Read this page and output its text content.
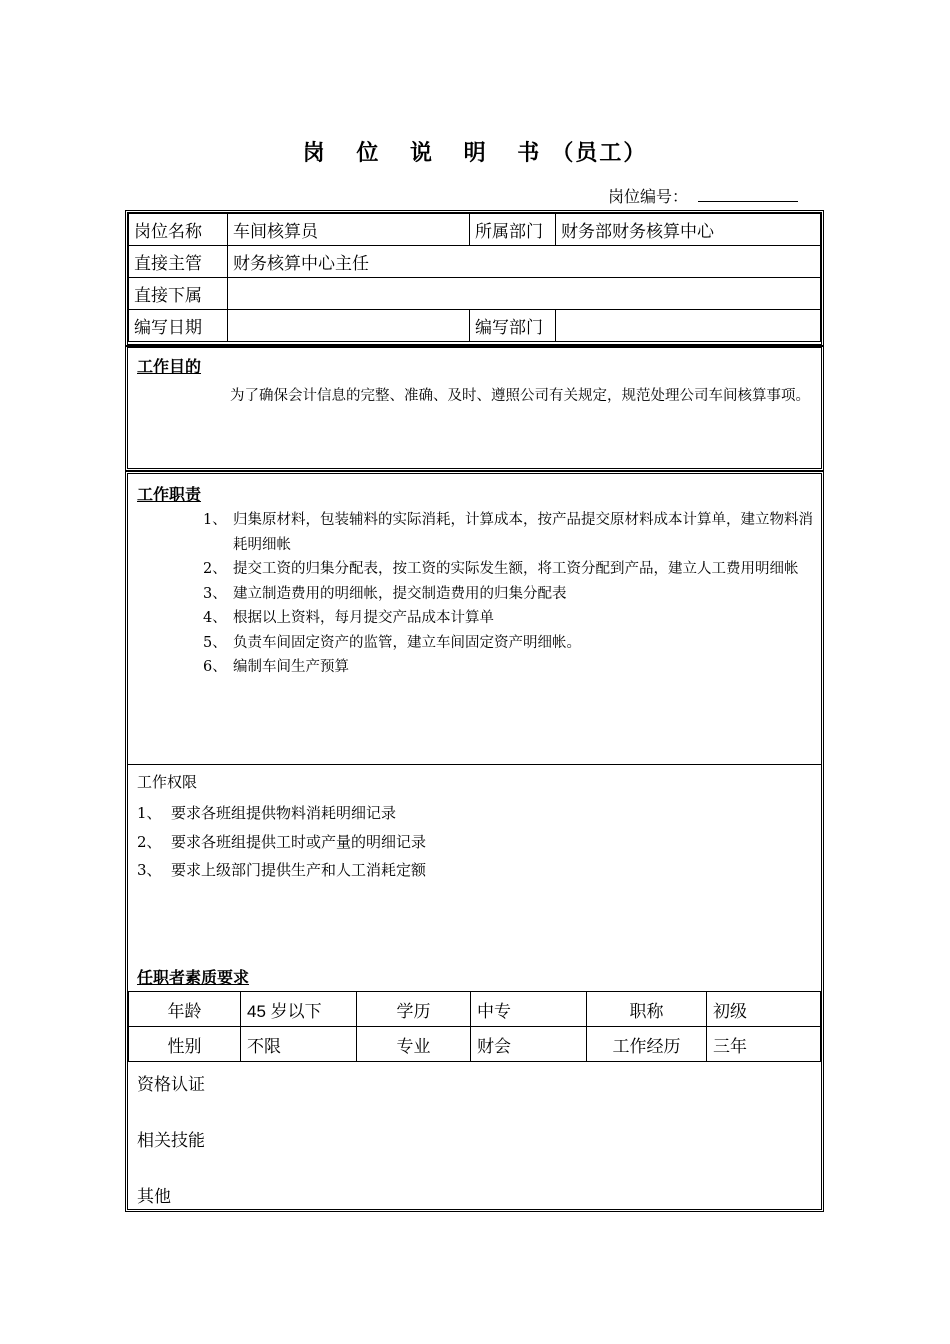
岗 位 说 明 书（员工）
岗位编号：
岗位名称	车间核算员	所属部门	财务部财务核算中心
直接主管	财务核算中心主任		
直接下属			
编写日期		编写部门	
工作目的
为了确保会计信息的完整、准确、及时、遵照公司有关规定，规范处理公司车间核算事项。
工作职责
1、 归集原材料，包装辅料的实际消耗，计算成本，按产品提交原材料成本计算单，建立物料消耗明细帐
2、 提交工资的归集分配表，按工资的实际发生额，将工资分配到产品，建立人工费用明细帐
3、 建立制造费用的明细帐，提交制造费用的归集分配表
4、 根据以上资料，每月提交产品成本计算单
5、 负责车间固定资产的监管，建立车间固定资产明细帐。
6、 编制车间生产预算
工作权限
1、 要求各班组提供物料消耗明细记录
2、 要求各班组提供工时或产量的明细记录
3、 要求上级部门提供生产和人工消耗定额
任职者素质要求
年龄	45 岁以下	学历	中专	职称	初级
性别	不限	专业	财会	工作经历	三年
资格认证
相关技能
其他
